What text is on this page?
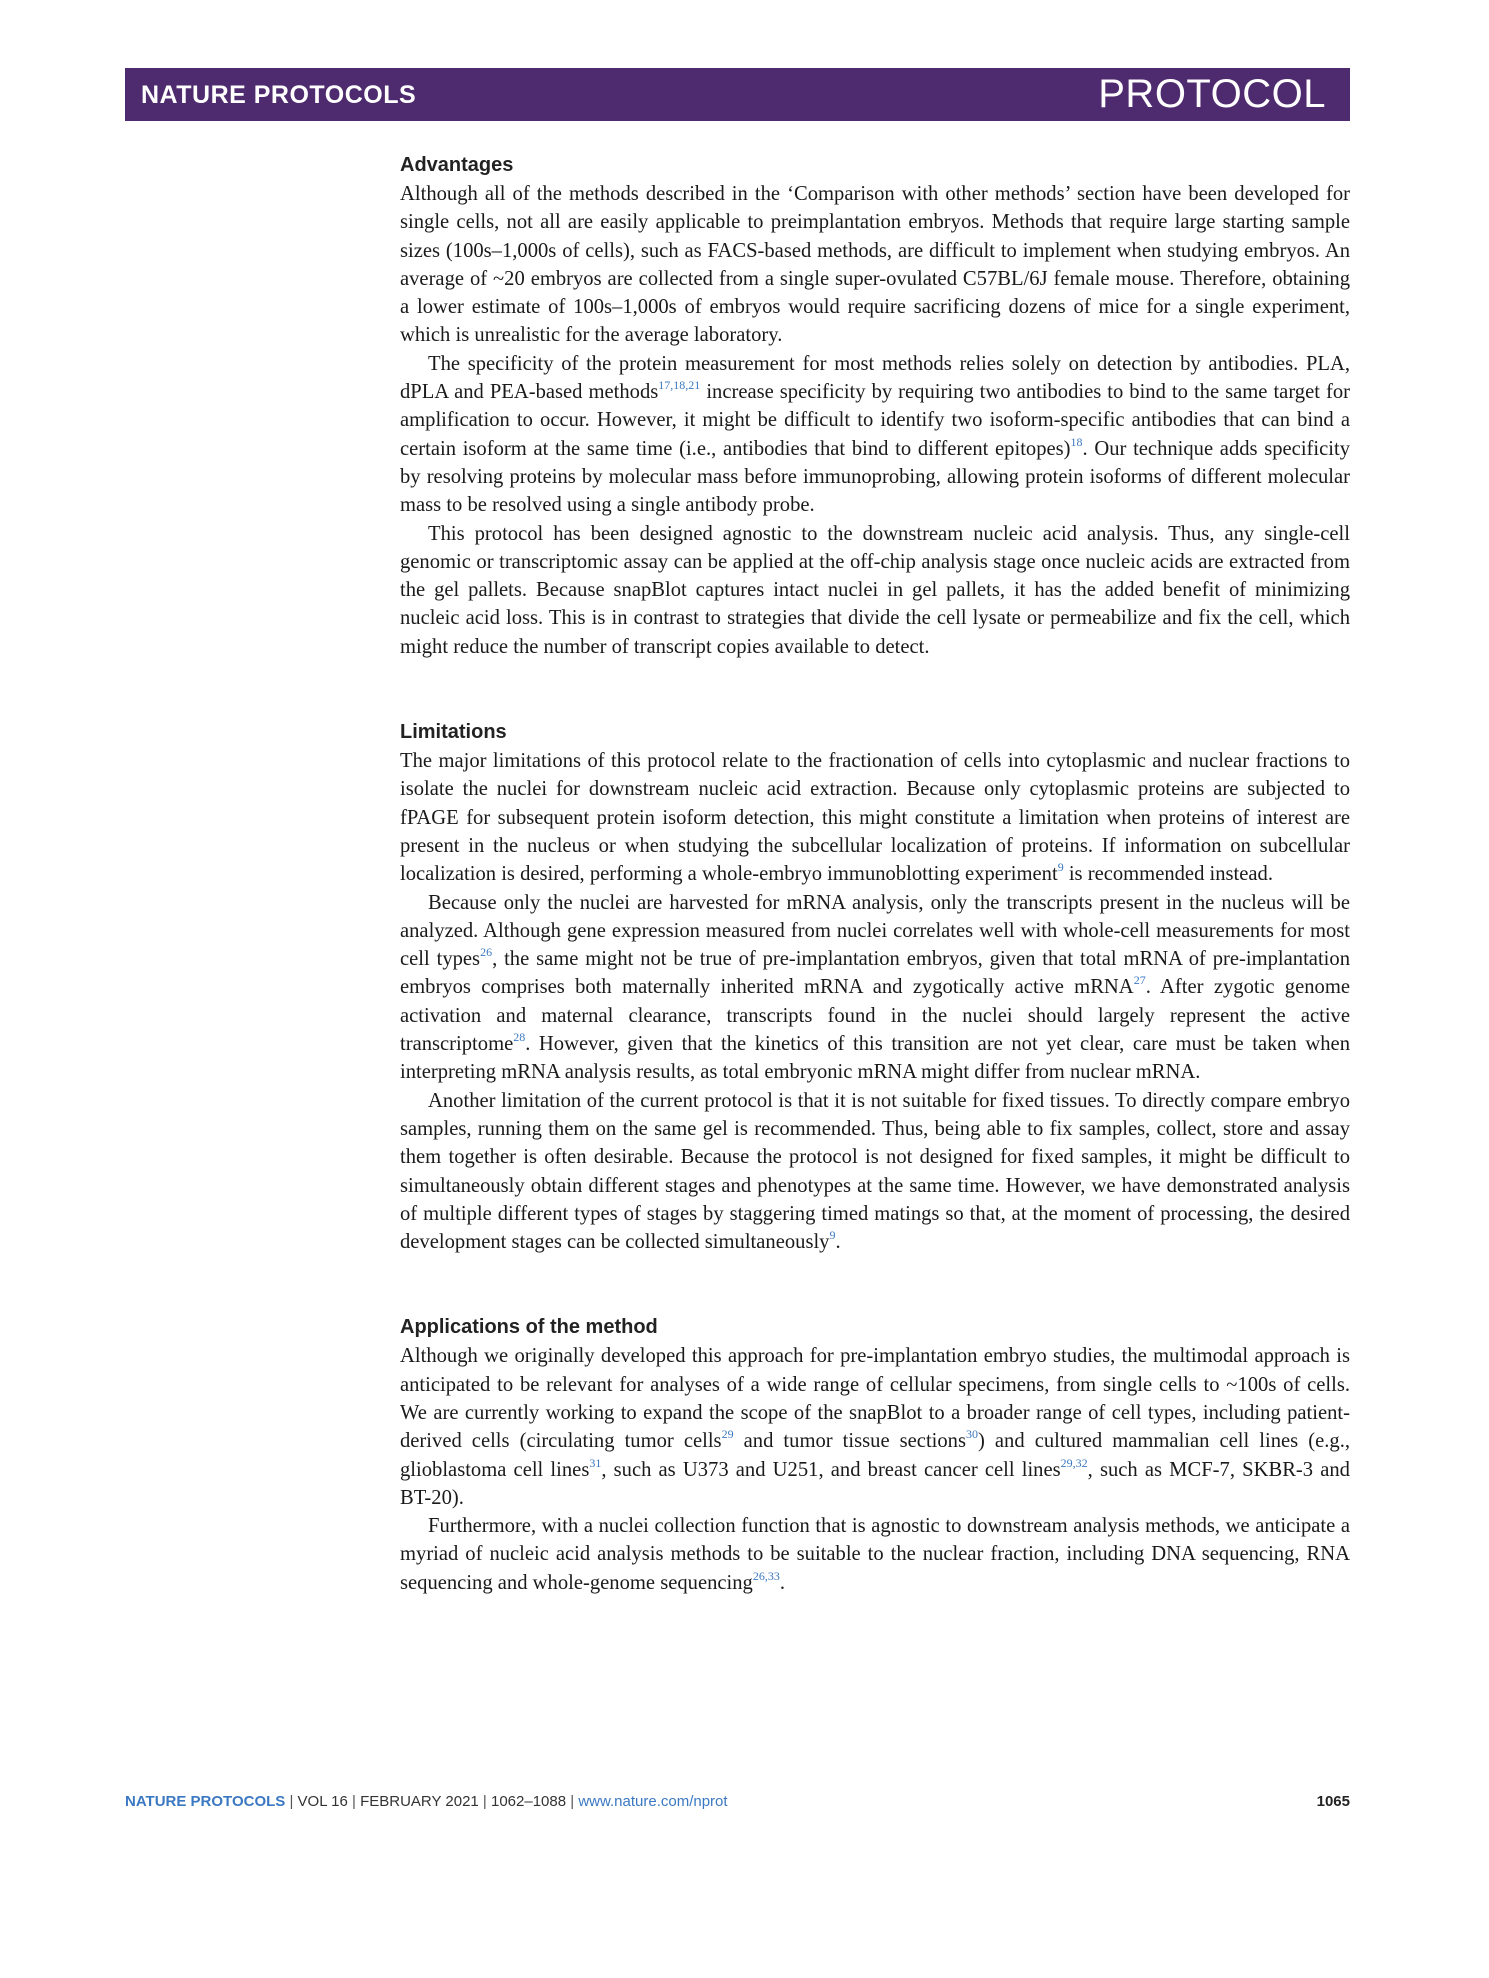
NATURE PROTOCOLS	PROTOCOL
Advantages

Although all of the methods described in the ‘Comparison with other methods’ section have been developed for single cells, not all are easily applicable to preimplantation embryos. Methods that require large starting sample sizes (100s–1,000s of cells), such as FACS-based methods, are difficult to implement when studying embryos. An average of ~20 embryos are collected from a single super-ovulated C57BL/6J female mouse. Therefore, obtaining a lower estimate of 100s–1,000s of embryos would require sacrificing dozens of mice for a single experiment, which is unrealistic for the average laboratory.

The specificity of the protein measurement for most methods relies solely on detection by antibodies. PLA, dPLA and PEA-based methods$^{17,18,21}$ increase specificity by requiring two antibodies to bind to the same target for amplification to occur. However, it might be difficult to identify two isoform-specific antibodies that can bind a certain isoform at the same time (i.e., antibodies that bind to different epitopes)$^{18}$. Our technique adds specificity by resolving proteins by molecular mass before immunoprobing, allowing protein isoforms of different molecular mass to be resolved using a single antibody probe.

This protocol has been designed agnostic to the downstream nucleic acid analysis. Thus, any single-cell genomic or transcriptomic assay can be applied at the off-chip analysis stage once nucleic acids are extracted from the gel pallets. Because snapBlot captures intact nuclei in gel pallets, it has the added benefit of minimizing nucleic acid loss. This is in contrast to strategies that divide the cell lysate or permeabilize and fix the cell, which might reduce the number of transcript copies available to detect.

Limitations

The major limitations of this protocol relate to the fractionation of cells into cytoplasmic and nuclear fractions to isolate the nuclei for downstream nucleic acid extraction. Because only cytoplasmic proteins are subjected to fPAGE for subsequent protein isoform detection, this might constitute a limitation when proteins of interest are present in the nucleus or when studying the subcellular localization of proteins. If information on subcellular localization is desired, performing a whole-embryo immunoblotting experiment$^9$ is recommended instead.

Because only the nuclei are harvested for mRNA analysis, only the transcripts present in the nucleus will be analyzed. Although gene expression measured from nuclei correlates well with whole-cell measurements for most cell types$^{26}$, the same might not be true of pre-implantation embryos, given that total mRNA of pre-implantation embryos comprises both maternally inherited mRNA and zygotically active mRNA$^{27}$. After zygotic genome activation and maternal clearance, transcripts found in the nuclei should largely represent the active transcriptome$^{28}$. However, given that the kinetics of this transition are not yet clear, care must be taken when interpreting mRNA analysis results, as total embryonic mRNA might differ from nuclear mRNA.

Another limitation of the current protocol is that it is not suitable for fixed tissues. To directly compare embryo samples, running them on the same gel is recommended. Thus, being able to fix samples, collect, store and assay them together is often desirable. Because the protocol is not designed for fixed samples, it might be difficult to simultaneously obtain different stages and phenotypes at the same time. However, we have demonstrated analysis of multiple different types of stages by staggering timed matings so that, at the moment of processing, the desired development stages can be collected simultaneously$^9$.

Applications of the method

Although we originally developed this approach for pre-implantation embryo studies, the multimodal approach is anticipated to be relevant for analyses of a wide range of cellular specimens, from single cells to ~100s of cells. We are currently working to expand the scope of the snapBlot to a broader range of cell types, including patient-derived cells (circulating tumor cells$^{29}$ and tumor tissue sections$^{30}$) and cultured mammalian cell lines (e.g., glioblastoma cell lines$^{31}$, such as U373 and U251, and breast cancer cell lines$^{29,32}$, such as MCF-7, SKBR-3 and BT-20).

Furthermore, with a nuclei collection function that is agnostic to downstream analysis methods, we anticipate a myriad of nucleic acid analysis methods to be suitable to the nuclear fraction, including DNA sequencing, RNA sequencing and whole-genome sequencing$^{26,33}$.

NATURE PROTOCOLS | VOL 16 | FEBRUARY 2021 | 1062–1088 | www.nature.com/nprot	1065
